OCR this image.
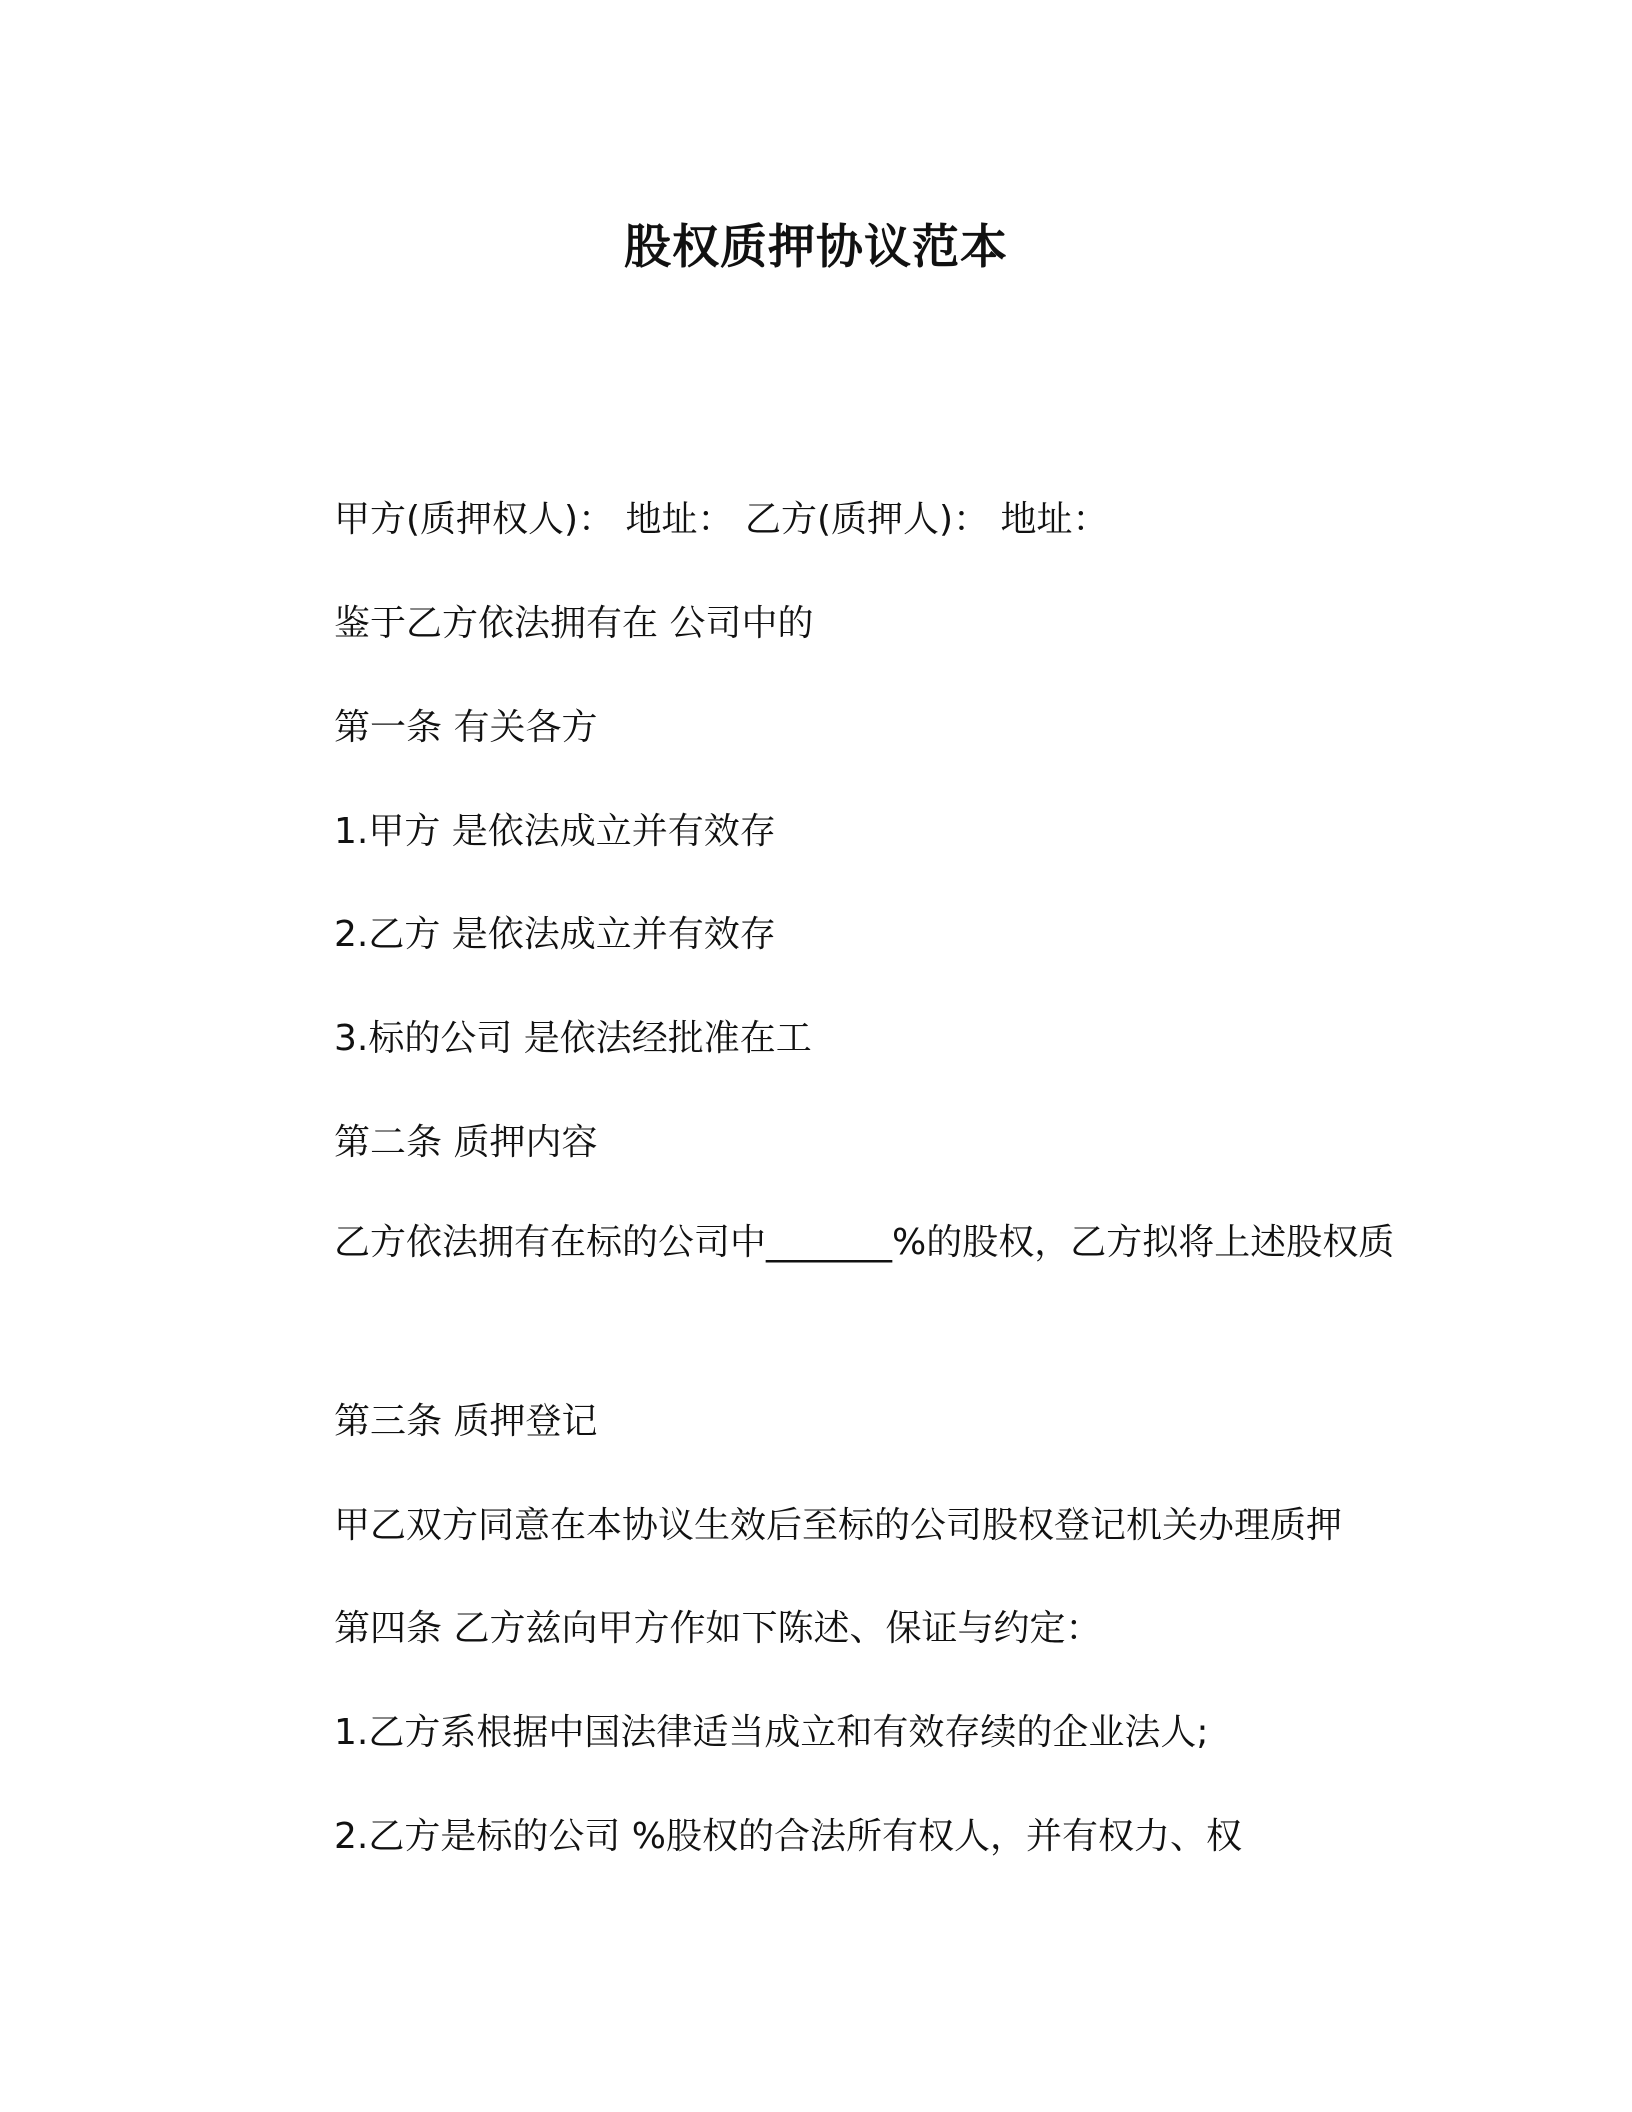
股权质押协议范本
甲方(质押权人)： 地址： 乙方(质押人)： 地址：
鉴于乙方依法拥有在 公司中的
第一条 有关各方
1.甲方 是依法成立并有效存
2.乙方 是依法成立并有效存
3.标的公司 是依法经批准在工
第二条 质押内容
乙方依法拥有在标的公司中_______%的股权，乙方拟将上述股权质
第三条 质押登记
甲乙双方同意在本协议生效后至标的公司股权登记机关办理质押
第四条 乙方兹向甲方作如下陈述、保证与约定：
1.乙方系根据中国法律适当成立和有效存续的企业法人;
2.乙方是标的公司 %股权的合法所有权人，并有权力、权
